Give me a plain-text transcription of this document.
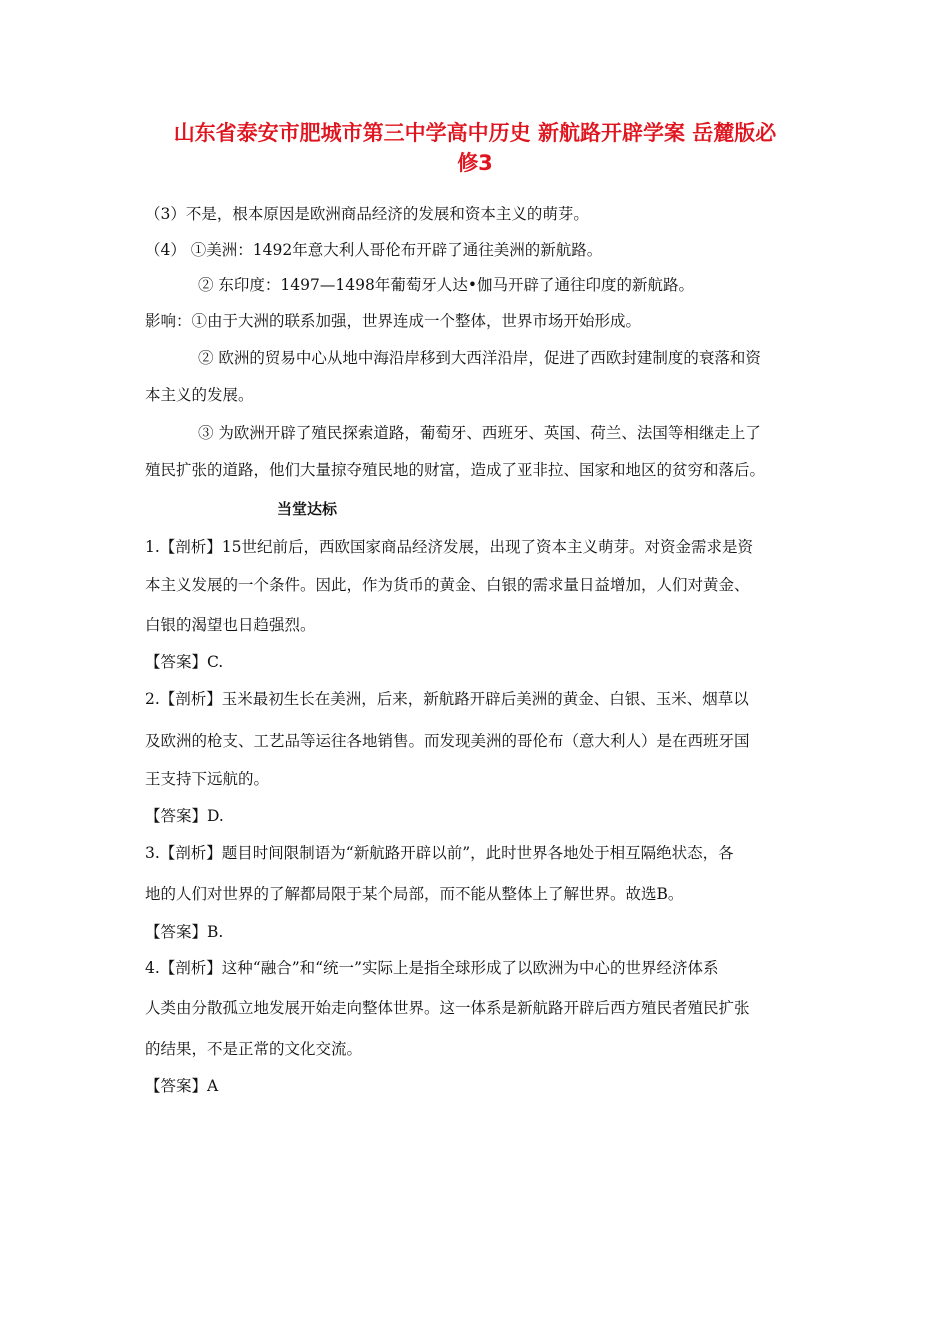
山东省泰安市肥城市第三中学高中历史 新航路开辟学案 岳麓版必
修3
（3）不是，根本原因是欧洲商品经济的发展和资本主义的萌芽。
（4） ①美洲：1492年意大利人哥伦布开辟了通往美洲的新航路。
② 东印度：1497—1498年葡萄牙人达•伽马开辟了通往印度的新航路。
影响：①由于大洲的联系加强，世界连成一个整体，世界市场开始形成。
② 欧洲的贸易中心从地中海沿岸移到大西洋沿岸，促进了西欧封建制度的衰落和资
本主义的发展。
③ 为欧洲开辟了殖民探索道路，葡萄牙、西班牙、英国、荷兰、法国等相继走上了
殖民扩张的道路，他们大量掠夺殖民地的财富，造成了亚非拉、国家和地区的贫穷和落后。
当堂达标
1.【剖析】15世纪前后，西欧国家商品经济发展，出现了资本主义萌芽。对资金需求是资
本主义发展的一个条件。因此，作为货币的黄金、白银的需求量日益增加，人们对黄金、
白银的渴望也日趋强烈。
【答案】C.
2.【剖析】玉米最初生长在美洲，后来，新航路开辟后美洲的黄金、白银、玉米、烟草以
及欧洲的枪支、工艺品等运往各地销售。而发现美洲的哥伦布（意大利人）是在西班牙国
王支持下远航的。
【答案】D.
3.【剖析】题目时间限制语为“新航路开辟以前”，此时世界各地处于相互隔绝状态，各
地的人们对世界的了解都局限于某个局部，而不能从整体上了解世界。故选B。
【答案】B.
4.【剖析】这种“融合”和“统一”实际上是指全球形成了以欧洲为中心的世界经济体系
人类由分散孤立地发展开始走向整体世界。这一体系是新航路开辟后西方殖民者殖民扩张
的结果，不是正常的文化交流。
【答案】A
